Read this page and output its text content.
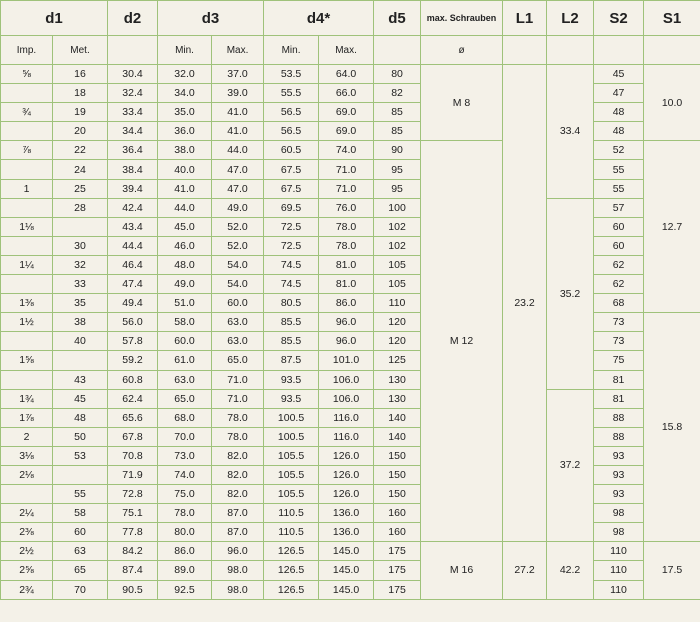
d1		d2	d3		d4*		d5	max. Schrauben	L1	L2	S2	S1
Imp.	Met.		Min.	Max.	Min.	Max.		ø				
⅝	16	30.4	32.0	37.0	53.5	64.0	80	M 8	23.2	33.4	45	10.0
	18	32.4	34.0	39.0	55.5	66.0	82				47	
¾	19	33.4	35.0	41.0	56.5	69.0	85				48	
	20	34.4	36.0	41.0	56.5	69.0	85				48	
⅞	22	36.4	38.0	44.0	60.5	74.0	90	M 12			52	12.7
	24	38.4	40.0	47.0	67.5	71.0	95				55	
1	25	39.4	41.0	47.0	67.5	71.0	95				55	
	28	42.4	44.0	49.0	69.5	76.0	100			35.2	57	
1⅛		43.4	45.0	52.0	72.5	78.0	102				60	
	30	44.4	46.0	52.0	72.5	78.0	102				60	
1¼	32	46.4	48.0	54.0	74.5	81.0	105				62	
	33	47.4	49.0	54.0	74.5	81.0	105				62	
1⅜	35	49.4	51.0	60.0	80.5	86.0	110				68	
1½	38	56.0	58.0	63.0	85.5	96.0	120				73	15.8
	40	57.8	60.0	63.0	85.5	96.0	120				73	
1⅝		59.2	61.0	65.0	87.5	101.0	125				75	
	43	60.8	63.0	71.0	93.5	106.0	130				81	
1¾	45	62.4	65.0	71.0	93.5	106.0	130			37.2	81	
1⅞	48	65.6	68.0	78.0	100.5	116.0	140				88	
2	50	67.8	70.0	78.0	100.5	116.0	140				88	
3⅛	53	70.8	73.0	82.0	105.5	126.0	150				93	
2⅛		71.9	74.0	82.0	105.5	126.0	150				93	
	55	72.8	75.0	82.0	105.5	126.0	150				93	
2¼	58	75.1	78.0	87.0	110.5	136.0	160				98	
2⅜	60	77.8	80.0	87.0	110.5	136.0	160				98	
2½	63	84.2	86.0	96.0	126.5	145.0	175	M 16	27.2	42.2	110	17.5
2⅝	65	87.4	89.0	98.0	126.5	145.0	175				110	
2¾	70	90.5	92.5	98.0	126.5	145.0	175				110	
